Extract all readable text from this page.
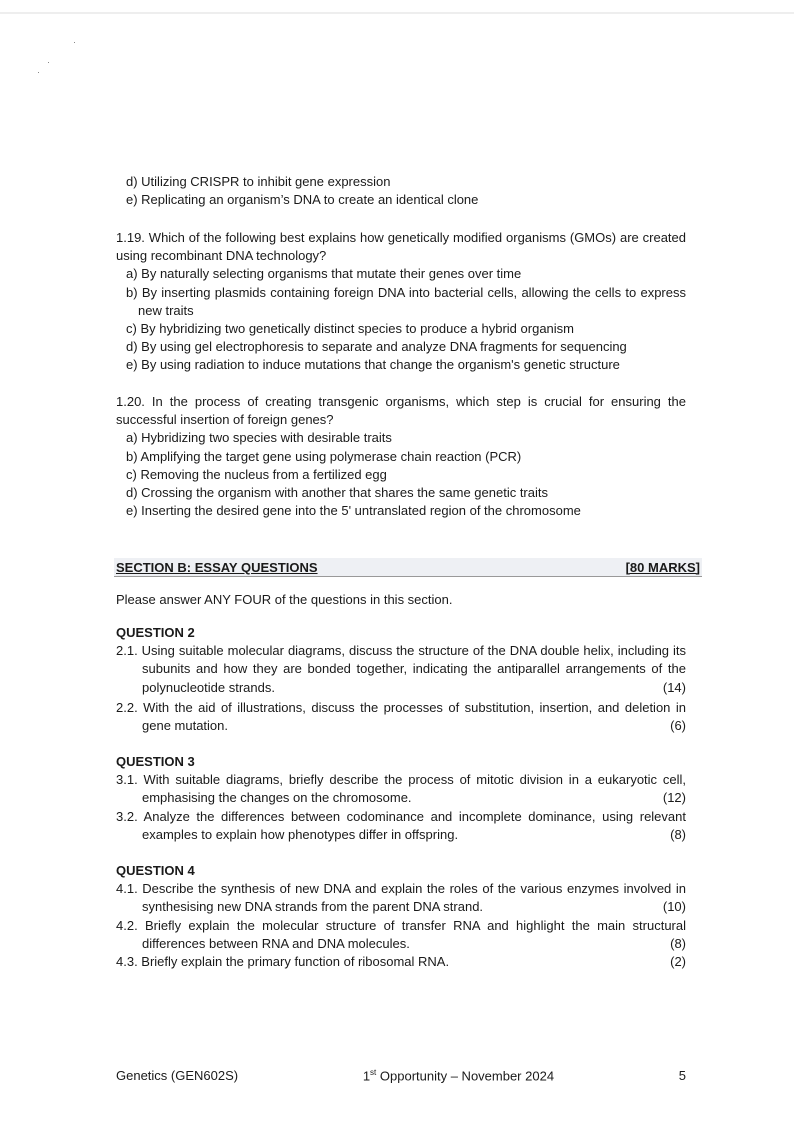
d) Utilizing CRISPR to inhibit gene expression
e) Replicating an organism’s DNA to create an identical clone
1.19. Which of the following best explains how genetically modified organisms (GMOs) are created using recombinant DNA technology?
a) By naturally selecting organisms that mutate their genes over time
b) By inserting plasmids containing foreign DNA into bacterial cells, allowing the cells to express new traits
c) By hybridizing two genetically distinct species to produce a hybrid organism
d) By using gel electrophoresis to separate and analyze DNA fragments for sequencing
e) By using radiation to induce mutations that change the organism's genetic structure
1.20. In the process of creating transgenic organisms, which step is crucial for ensuring the successful insertion of foreign genes?
a) Hybridizing two species with desirable traits
b) Amplifying the target gene using polymerase chain reaction (PCR)
c) Removing the nucleus from a fertilized egg
d) Crossing the organism with another that shares the same genetic traits
e) Inserting the desired gene into the 5' untranslated region of the chromosome
SECTION B: ESSAY QUESTIONS	[80 MARKS]
Please answer ANY FOUR of the questions in this section.
QUESTION 2
2.1. Using suitable molecular diagrams, discuss the structure of the DNA double helix, including its subunits and how they are bonded together, indicating the antiparallel arrangements of the polynucleotide strands.	(14)
2.2. With the aid of illustrations, discuss the processes of substitution, insertion, and deletion in gene mutation.	(6)
QUESTION 3
3.1. With suitable diagrams, briefly describe the process of mitotic division in a eukaryotic cell, emphasising the changes on the chromosome.	(12)
3.2. Analyze the differences between codominance and incomplete dominance, using relevant examples to explain how phenotypes differ in offspring.	(8)
QUESTION 4
4.1. Describe the synthesis of new DNA and explain the roles of the various enzymes involved in synthesising new DNA strands from the parent DNA strand.	(10)
4.2. Briefly explain the molecular structure of transfer RNA and highlight the main structural differences between RNA and DNA molecules.	(8)
4.3. Briefly explain the primary function of ribosomal RNA.	(2)
Genetics (GEN602S)	1st Opportunity – November 2024	5
